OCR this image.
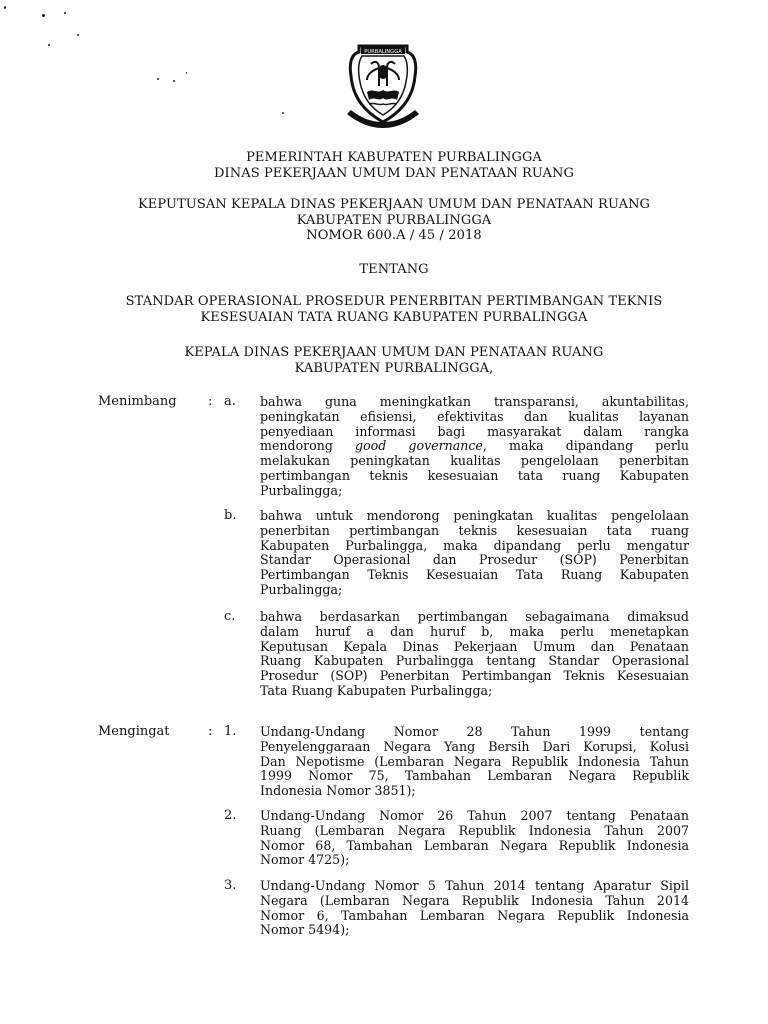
PURBALINGGA
PEMERINTAH KABUPATEN PURBALINGGA
DINAS PEKERJAAN UMUM DAN PENATAAN RUANG
KEPUTUSAN KEPALA DINAS PEKERJAAN UMUM DAN PENATAAN RUANG
KABUPATEN PURBALINGGA
NOMOR 600.A / 45 / 2018
TENTANG
STANDAR OPERASIONAL PROSEDUR PENERBITAN PERTIMBANGAN TEKNIS
KESESUAIAN TATA RUANG KABUPATEN PURBALINGGA
KEPALA DINAS PEKERJAAN UMUM DAN PENATAAN RUANG
KABUPATEN PURBALINGGA,
Menimbang : a. bahwa guna meningkatkan transparansi, akuntabilitas,
peningkatan efisiensi, efektivitas dan kualitas layanan
penyediaan informasi bagi masyarakat dalam rangka
mendorong good governance, maka dipandang perlu
melakukan peningkatan kualitas pengelolaan penerbitan
pertimbangan teknis kesesuaian tata ruang Kabupaten
Purbalingga;
b. bahwa untuk mendorong peningkatan kualitas pengelolaan
penerbitan pertimbangan teknis kesesuaian tata ruang
Kabupaten Purbalingga, maka dipandang perlu mengatur
Standar Operasional dan Prosedur (SOP) Penerbitan
Pertimbangan Teknis Kesesuaian Tata Ruang Kabupaten
Purbalingga;
c. bahwa berdasarkan pertimbangan sebagaimana dimaksud
dalam huruf a dan huruf b, maka perlu menetapkan
Keputusan Kepala Dinas Pekerjaan Umum dan Penataan
Ruang Kabupaten Purbalingga tentang Standar Operasional
Prosedur (SOP) Penerbitan Pertimbangan Teknis Kesesuaian
Tata Ruang Kabupaten Purbalingga;
Mengingat	: 1. Undang-Undang Nomor 28 Tahun 1999 tentang
Penyelenggaraan Negara Yang Bersih Dari Korupsi, Kolusi
Dan Nepotisme (Lembaran Negara Republik Indonesia Tahun
1999 Nomor 75, Tambahan Lembaran Negara Republik
Indonesia Nomor 3851);
2. Undang-Undang Nomor 26 Tahun 2007 tentang Penataan
Ruang (Lembaran Negara Republik Indonesia Tahun 2007
Nomor 68, Tambahan Lembaran Negara Republik Indonesia
Nomor 4725);
3. Undang-Undang Nomor 5 Tahun 2014 tentang Aparatur Sipil
Negara (Lembaran Negara Republik Indonesia Tahun 2014
Nomor 6, Tambahan Lembaran Negara Republik Indonesia
Nomor 5494);
